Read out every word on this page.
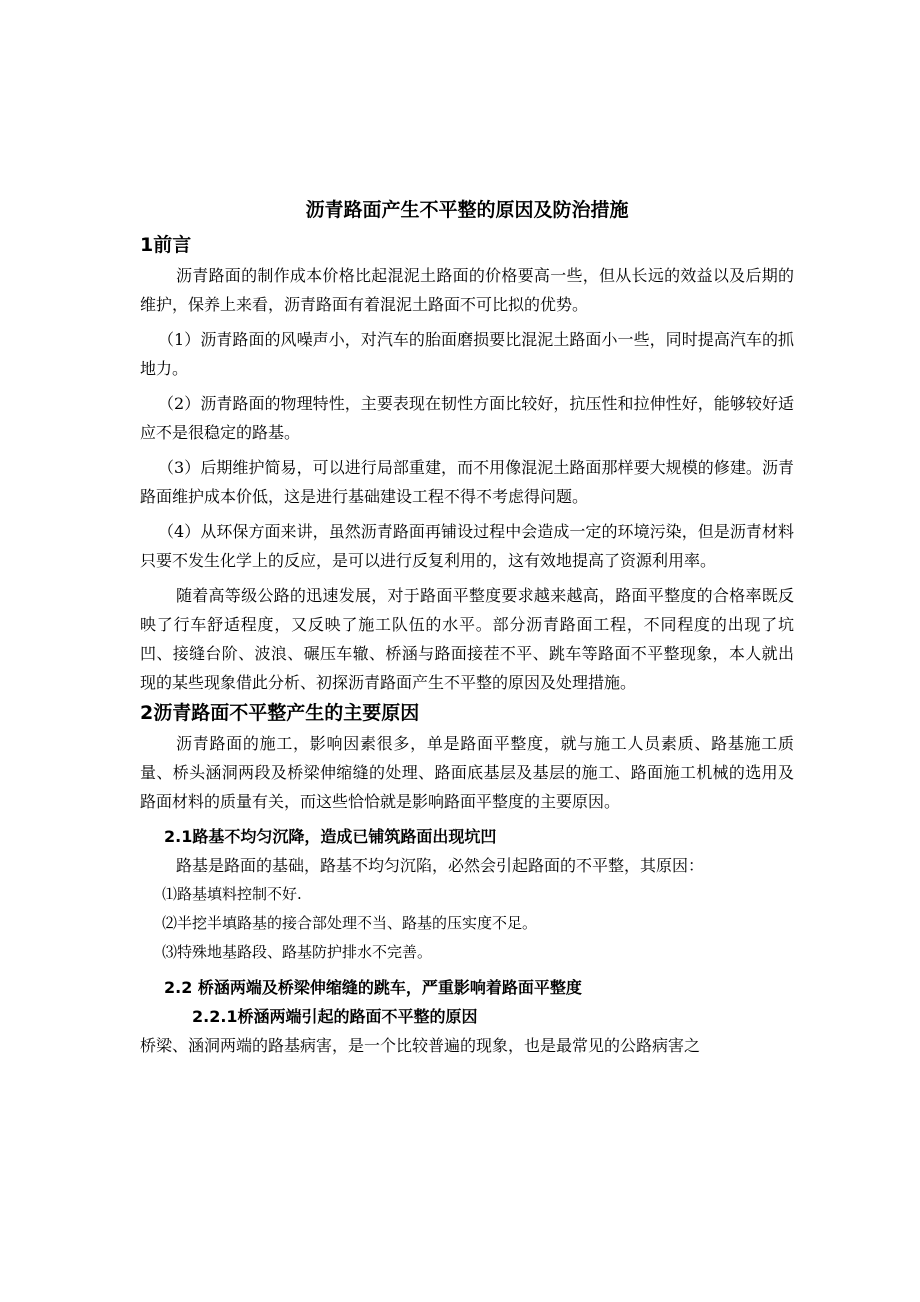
沥青路面产生不平整的原因及防治措施
1前言

沥青路面的制作成本价格比起混泥土路面的价格要高一些，但从长远的效益以及后期的维护，保养上来看，沥青路面有着混泥土路面不可比拟的优势。

（1）沥青路面的风噪声小，对汽车的胎面磨损要比混泥土路面小一些，同时提高汽车的抓地力。

（2）沥青路面的物理特性，主要表现在韧性方面比较好，抗压性和拉伸性好，能够较好适应不是很稳定的路基。

（3）后期维护简易，可以进行局部重建，而不用像混泥土路面那样要大规模的修建。沥青路面维护成本价低，这是进行基础建设工程不得不考虑得问题。

（4）从环保方面来讲，虽然沥青路面再铺设过程中会造成一定的环境污染，但是沥青材料只要不发生化学上的反应，是可以进行反复利用的，这有效地提高了资源利用率。

随着高等级公路的迅速发展，对于路面平整度要求越来越高，路面平整度的合格率既反映了行车舒适程度，又反映了施工队伍的水平。部分沥青路面工程，不同程度的出现了坑凹、接缝台阶、波浪、碾压车辙、桥涵与路面接茬不平、跳车等路面不平整现象，本人就出现的某些现象借此分析、初探沥青路面产生不平整的原因及处理措施。

2沥青路面不平整产生的主要原因

沥青路面的施工，影响因素很多，单是路面平整度，就与施工人员素质、路基施工质量、桥头涵洞两段及桥梁伸缩缝的处理、路面底基层及基层的施工、路面施工机械的选用及路面材料的质量有关，而这些恰恰就是影响路面平整度的主要原因。

2.1路基不均匀沉降，造成已铺筑路面出现坑凹

路基是路面的基础，路基不均匀沉陷，必然会引起路面的不平整，其原因：

⑴路基填料控制不好.

⑵半挖半填路基的接合部处理不当、路基的压实度不足。

⑶特殊地基路段、路基防护排水不完善。

2.2 桥涵两端及桥梁伸缩缝的跳车，严重影响着路面平整度
2.2.1桥涵两端引起的路面不平整的原因

桥梁、涵洞两端的路基病害，是一个比较普遍的现象，也是最常见的公路病害之
